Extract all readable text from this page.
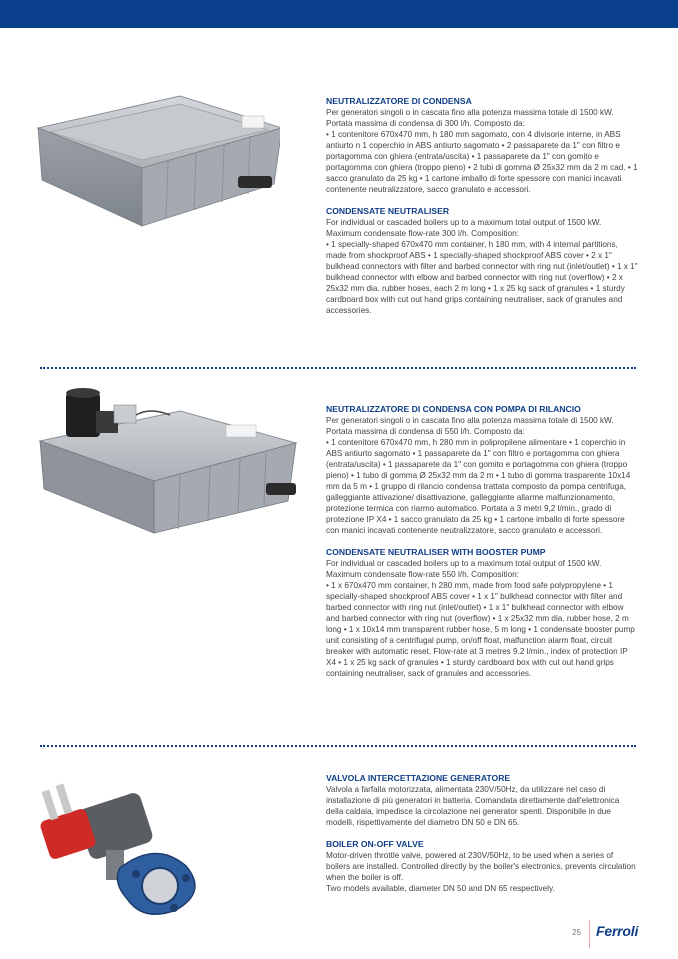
NEUTRALIZZATORE DI CONDENSA
Per generatori singoli o in cascata fino alla potenza massima totale di 1500 kW.
Portata massima di condensa di 300 l/h. Composto da:
• 1 contenitore 670x470 mm, h 180 mm sagomato, con 4 divisorie interne, in ABS antiurto n 1 coperchio in ABS antiurto sagomato • 2 passaparete da 1" con filtro e portagomma con ghiera (entrata/uscita) • 1 passaparete da 1" con gomito e portagomma con ghiera (troppo pieno) • 2 tubi di gomma Ø 25x32 mm da 2 m cad. • 1 sacco granulato da 25 kg • 1 cartone imballo di forte spessore con manici incavati contenente neutralizzatore, sacco granulato e accessori.
CONDENSATE NEUTRALISER
For individual or cascaded boilers up to a maximum total output of 1500 kW.
Maximum condensate flow-rate 300 l/h. Composition:
• 1 specially-shaped 670x470 mm container, h 180 mm, with 4 internal partitions, made from shockproof ABS • 1 specially-shaped shockproof ABS cover • 2 x 1" bulkhead connectors with filter and barbed connector with ring nut (inlet/outlet) • 1 x 1" bulkhead connector with elbow and barbed connector with ring nut (overflow) • 2 x 25x32 mm dia. rubber hoses, each 2 m long • 1 x 25 kg sack of granules • 1 sturdy cardboard box with cut out hand grips containing neutraliser, sack of granules and accessories.
NEUTRALIZZATORE DI CONDENSA CON POMPA DI RILANCIO
Per generatori singoli o in cascata fino alla potenza massima totale di 1500 kW.
Portata massima di condensa di 550 l/h. Composto da:
• 1 contenitore 670x470 mm, h 280 mm in polipropilene alimentare • 1 coperchio in ABS antiurto sagomato • 1 passaparete da 1" con filtro e portagomma con ghiera (entrata/uscita) • 1 passaparete da 1" con gomito e portagomma con ghiera (troppo pieno) • 1 tubo di gomma Ø 25x32 mm da 2 m • 1 tubo di gomma trasparente 10x14 mm da 5 m • 1 gruppo di rilancio condensa trattata composto da pompa centrifuga, galleggiante attivazione/ disattivazione, galleggiante allarme malfunzionamento, protezione termica con riarmo automatico. Portata a 3 metri 9,2 l/min., grado di protezione IP X4 • 1 sacco granulato da 25 kg • 1 cartone imballo di forte spessore con manici incavati contenente neutralizzatore, sacco granulato e accessori.
CONDENSATE NEUTRALISER WITH BOOSTER PUMP
For individual or cascaded boilers up to a maximum total output of 1500 kW.
Maximum condensate flow-rate 550 l/h. Composition:
• 1 x 670x470 mm container, h 280 mm, made from food safe polypropylene • 1 specially-shaped shockproof ABS cover • 1 x 1" bulkhead connector with filter and barbed connector with ring nut (inlet/outlet) • 1 x 1" bulkhead connector with elbow and barbed connector with ring nut (overflow) • 1 x 25x32 mm dia. rubber hose, 2 m long • 1 x 10x14 mm transparent rubber hose, 5 m long • 1 condensate booster pump unit consisting of a centrifugal pump, on/off float, malfunction alarm float, circuit breaker with automatic reset. Flow-rate at 3 metres 9.2 l/min., index of protection IP X4 • 1 x 25 kg sack of granules • 1 sturdy cardboard box with cut out hand grips containing neutraliser, sack of granules and accessories.
VALVOLA INTERCETTAZIONE GENERATORE
Valvola a farfalla motorizzata, alimentata 230V/50Hz, da utilizzare nel caso di installazione di più generatori in batteria. Comandata direttamente dall'elettronica della caldaia, impedisce la circolazione nei generator spenti. Disponibile in due modelli, rispettivamente del diametro DN 50 e DN 65.
BOILER ON-OFF VALVE
Motor-driven throttle valve, powered at 230V/50Hz, to be used when a series of boilers are installed. Controlled directly by the boiler's electronics, prevents circulation when the boiler is off.
Two models available, diameter DN 50 and DN 65 respectively.
25 Ferroli
